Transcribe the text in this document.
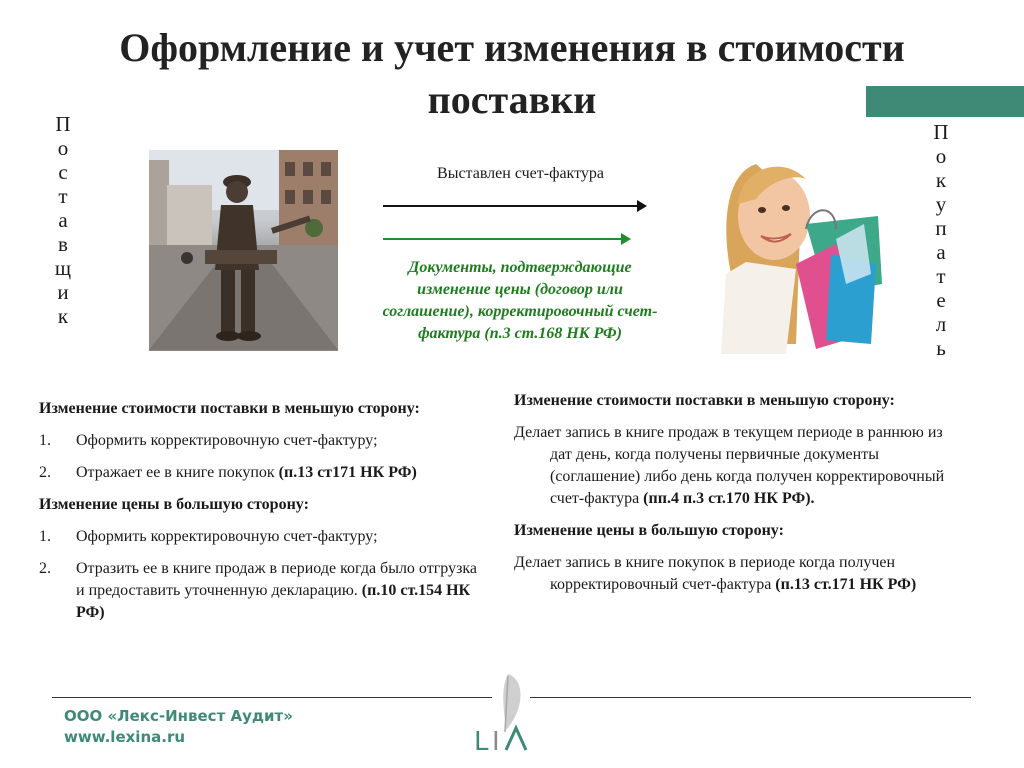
Оформление и учет изменения в стоимости поставки
П
о
с
т
а
в
щ
и
к
П
о
к
у
п
а
т
е
л
ь
Выставлен счет-фактура
Документы, подтверждающие изменение цены (договор или соглашение), корректировочный счет-фактура (п.3 ст.168 НК РФ)

Изменение стоимости поставки в меньшую сторону:

1.	Оформить корректировочную счет-фактуру;
2.	Отражает ее в книге покупок (п.13 ст171 НК РФ)

Изменение цены в большую сторону:

1.	Оформить корректировочную счет-фактуру;
2.	Отразить ее в книге продаж в периоде когда было отгрузка и предоставить уточненную декларацию. (п.10 ст.154 НК РФ)

Изменение стоимости поставки в меньшую сторону:

Делает запись в книге продаж в текущем периоде в раннюю из дат день, когда получены первичные документы (соглашение) либо день когда получен корректировочный счет-фактура (пп.4 п.3 ст.170 НК РФ).

Изменение цены в большую сторону:

Делает запись в книге покупок в периоде когда получен корректировочный счет-фактура (п.13 ст.171 НК РФ)

ООО «Лекс-Инвест Аудит»
www.lexina.ru	L I
